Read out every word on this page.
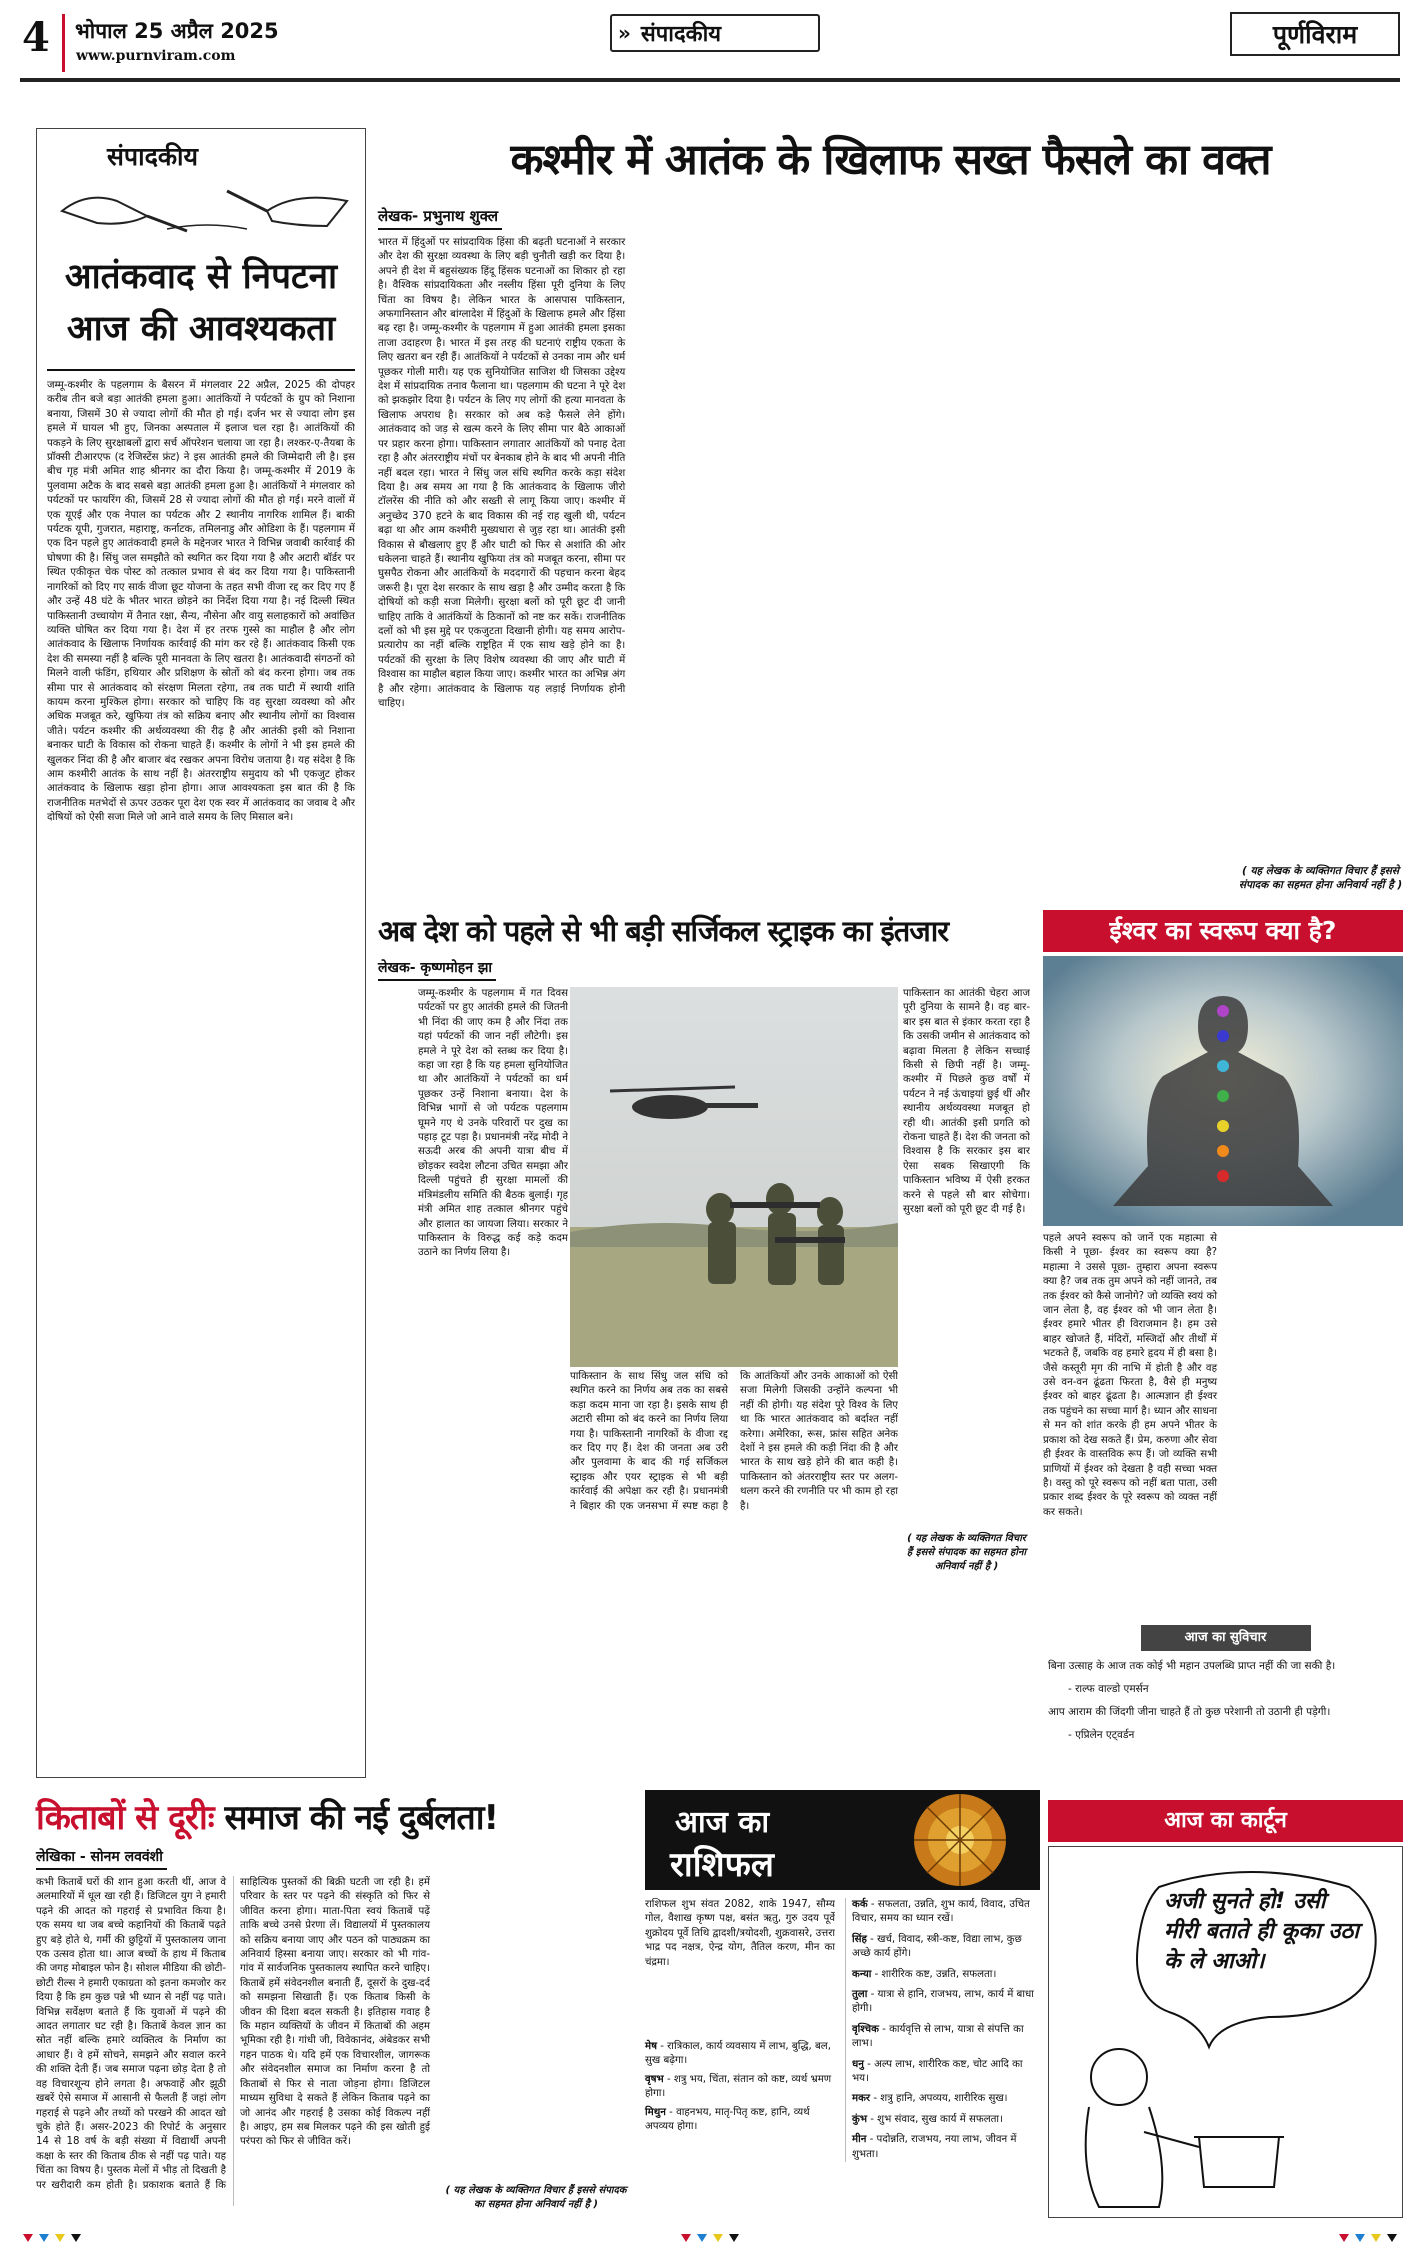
4 भोपाल 25 अप्रैल 2025
www.purnviram.com
» संपादकीय	पूर्णविराम
संपादकीय
आतंकवाद से निपटना आज की आवश्यकता
जम्मू-कश्मीर के पहलगाम के बैसरन में मंगलवार 22 अप्रैल, 2025 की दोपहर करीब तीन बजे बड़ा आतंकी हमला हुआ। आतंकियों ने पर्यटकों के ग्रुप को निशाना बनाया, जिसमें 30 से ज्यादा लोगों की मौत हो गई। दर्जन भर से ज्यादा लोग इस हमले में घायल भी हुए, जिनका अस्पताल में इलाज चल रहा है। आतंकियों की पकड़ने के लिए सुरक्षाबलों द्वारा सर्च ऑपरेशन चलाया जा रहा है। लश्कर-ए-तैयबा के प्रॉक्सी टीआरएफ (द रेजिस्टेंस फ्रंट) ने इस आतंकी हमले की जिम्मेदारी ली है। इस बीच गृह मंत्री अमित शाह श्रीनगर का दौरा किया है। जम्मू-कश्मीर में 2019 के पुलवामा अटैक के बाद सबसे बड़ा आतंकी हमला हुआ है। आतंकियों ने मंगलवार को पर्यटकों पर फायरिंग की, जिसमें 28 से ज्यादा लोगों की मौत हो गई। मरने वालों में एक यूएई और एक नेपाल का पर्यटक और 2 स्थानीय नागरिक शामिल हैं। बाकी पर्यटक यूपी, गुजरात, महाराष्ट्र, कर्नाटक, तमिलनाडु और ओडिशा के हैं। पहलगाम में एक दिन पहले हुए आतंकवादी हमले के मद्देनजर भारत ने विभिन्न जवाबी कार्रवाई की घोषणा की है। सिंधु जल समझौते को स्थगित कर दिया गया है और अटारी बॉर्डर पर स्थित एकीकृत चेक पोस्ट को तत्काल प्रभाव से बंद कर दिया गया है। पाकिस्तानी नागरिकों को दिए गए सार्क वीजा छूट योजना के तहत सभी वीजा रद्द कर दिए गए हैं और उन्हें 48 घंटे के भीतर भारत छोड़ने का निर्देश दिया गया है। नई दिल्ली स्थित पाकिस्तानी उच्चायोग में तैनात रक्षा, सैन्य, नौसेना और वायु सलाहकारों को अवांछित व्यक्ति घोषित कर दिया गया है। देश में हर तरफ गुस्से का माहौल है और लोग आतंकवाद के खिलाफ निर्णायक कार्रवाई की मांग कर रहे हैं। आतंकवाद किसी एक देश की समस्या नहीं है बल्कि पूरी मानवता के लिए खतरा है। आतंकवादी संगठनों को मिलने वाली फंडिंग, हथियार और प्रशिक्षण के स्रोतों को बंद करना होगा। जब तक सीमा पार से आतंकवाद को संरक्षण मिलता रहेगा, तब तक घाटी में स्थायी शांति कायम करना मुश्किल होगा। सरकार को चाहिए कि वह सुरक्षा व्यवस्था को और अधिक मजबूत करे, खुफिया तंत्र को सक्रिय बनाए और स्थानीय लोगों का विश्वास जीते। पर्यटन कश्मीर की अर्थव्यवस्था की रीढ़ है और आतंकी इसी को निशाना बनाकर घाटी के विकास को रोकना चाहते हैं। कश्मीर के लोगों ने भी इस हमले की खुलकर निंदा की है और बाजार बंद रखकर अपना विरोध जताया है। यह संदेश है कि आम कश्मीरी आतंक के साथ नहीं है। अंतरराष्ट्रीय समुदाय को भी एकजुट होकर आतंकवाद के खिलाफ खड़ा होना होगा। आज आवश्यकता इस बात की है कि राजनीतिक मतभेदों से ऊपर उठकर पूरा देश एक स्वर में आतंकवाद का जवाब दे और दोषियों को ऐसी सजा मिले जो आने वाले समय के लिए मिसाल बने।
कश्मीर में आतंक के खिलाफ सख्त फैसले का वक्त
लेखक- प्रभुनाथ शुक्ल
भारत में हिंदुओं पर सांप्रदायिक हिंसा की बढ़ती घटनाओं ने सरकार और देश की सुरक्षा व्यवस्था के लिए बड़ी चुनौती खड़ी कर दिया है। अपने ही देश में बहुसंख्यक हिंदू हिंसक घटनाओं का शिकार हो रहा है। वैश्विक सांप्रदायिकता और नस्लीय हिंसा पूरी दुनिया के लिए चिंता का विषय है। लेकिन भारत के आसपास पाकिस्तान, अफगानिस्तान और बांग्लादेश में हिंदुओं के खिलाफ हमले और हिंसा बढ़ रहा है। जम्मू-कश्मीर के पहलगाम में हुआ आतंकी हमला इसका ताजा उदाहरण है। भारत में इस तरह की घटनाएं राष्ट्रीय एकता के लिए खतरा बन रही हैं। आतंकियों ने पर्यटकों से उनका नाम और धर्म पूछकर गोली मारी। यह एक सुनियोजित साजिश थी जिसका उद्देश्य देश में सांप्रदायिक तनाव फैलाना था। पहलगाम की घटना ने पूरे देश को झकझोर दिया है। पर्यटन के लिए गए लोगों की हत्या मानवता के खिलाफ अपराध है। सरकार को अब कड़े फैसले लेने होंगे। आतंकवाद को जड़ से खत्म करने के लिए सीमा पार बैठे आकाओं पर प्रहार करना होगा। पाकिस्तान लगातार आतंकियों को पनाह देता रहा है और अंतरराष्ट्रीय मंचों पर बेनकाब होने के बाद भी अपनी नीति नहीं बदल रहा। भारत ने सिंधु जल संधि स्थगित करके कड़ा संदेश दिया है। अब समय आ गया है कि आतंकवाद के खिलाफ जीरो टॉलरेंस की नीति को और सख्ती से लागू किया जाए। कश्मीर में अनुच्छेद 370 हटने के बाद विकास की नई राह खुली थी, पर्यटन बढ़ा था और आम कश्मीरी मुख्यधारा से जुड़ रहा था। आतंकी इसी विकास से बौखलाए हुए हैं और घाटी को फिर से अशांति की ओर धकेलना चाहते हैं। स्थानीय खुफिया तंत्र को मजबूत करना, सीमा पर घुसपैठ रोकना और आतंकियों के मददगारों की पहचान करना बेहद जरूरी है। पूरा देश सरकार के साथ खड़ा है और उम्मीद करता है कि दोषियों को कड़ी सजा मिलेगी। सुरक्षा बलों को पूरी छूट दी जानी चाहिए ताकि वे आतंकियों के ठिकानों को नष्ट कर सकें। राजनीतिक दलों को भी इस मुद्दे पर एकजुटता दिखानी होगी। यह समय आरोप-प्रत्यारोप का नहीं बल्कि राष्ट्रहित में एक साथ खड़े होने का है। पर्यटकों की सुरक्षा के लिए विशेष व्यवस्था की जाए और घाटी में विश्वास का माहौल बहाल किया जाए। कश्मीर भारत का अभिन्न अंग है और रहेगा। आतंकवाद के खिलाफ यह लड़ाई निर्णायक होनी चाहिए।
( यह लेखक के व्यक्तिगत विचार हैं इससे संपादक का सहमत होना अनिवार्य नहीं है )
अब देश को पहले से भी बड़ी सर्जिकल स्ट्राइक का इंतजार
लेखक- कृष्णमोहन झा
जम्मू-कश्मीर के पहलगाम में गत दिवस पर्यटकों पर हुए आतंकी हमले की जितनी भी निंदा की जाए कम है और निंदा तक यहां पर्यटकों की जान नहीं लौटेगी। इस हमले ने पूरे देश को स्तब्ध कर दिया है। कहा जा रहा है कि यह हमला सुनियोजित था और आतंकियों ने पर्यटकों का धर्म पूछकर उन्हें निशाना बनाया। देश के विभिन्न भागों से जो पर्यटक पहलगाम घूमने गए थे उनके परिवारों पर दुख का पहाड़ टूट पड़ा है। प्रधानमंत्री नरेंद्र मोदी ने सऊदी अरब की अपनी यात्रा बीच में छोड़कर स्वदेश लौटना उचित समझा और दिल्ली पहुंचते ही सुरक्षा मामलों की मंत्रिमंडलीय समिति की बैठक बुलाई। गृह मंत्री अमित शाह तत्काल श्रीनगर पहुंचे और हालात का जायजा लिया। सरकार ने पाकिस्तान के विरुद्ध कई कड़े कदम उठाने का निर्णय लिया है।
पाकिस्तान के साथ सिंधु जल संधि को स्थगित करने का निर्णय अब तक का सबसे कड़ा कदम माना जा रहा है। इसके साथ ही अटारी सीमा को बंद करने का निर्णय लिया गया है। पाकिस्तानी नागरिकों के वीजा रद्द कर दिए गए हैं। देश की जनता अब उरी और पुलवामा के बाद की गई सर्जिकल स्ट्राइक और एयर स्ट्राइक से भी बड़ी कार्रवाई की अपेक्षा कर रही है। प्रधानमंत्री ने बिहार की एक जनसभा में स्पष्ट कहा है कि आतंकियों और उनके आकाओं को ऐसी सजा मिलेगी जिसकी उन्होंने कल्पना भी नहीं की होगी। यह संदेश पूरे विश्व के लिए था कि भारत आतंकवाद को बर्दाश्त नहीं करेगा। अमेरिका, रूस, फ्रांस सहित अनेक देशों ने इस हमले की कड़ी निंदा की है और भारत के साथ खड़े होने की बात कही है। पाकिस्तान को अंतरराष्ट्रीय स्तर पर अलग-थलग करने की रणनीति पर भी काम हो रहा है।
पाकिस्तान का आतंकी चेहरा आज पूरी दुनिया के सामने है। वह बार-बार इस बात से इंकार करता रहा है कि उसकी जमीन से आतंकवाद को बढ़ावा मिलता है लेकिन सच्चाई किसी से छिपी नहीं है। जम्मू-कश्मीर में पिछले कुछ वर्षों में पर्यटन ने नई ऊंचाइयां छुई थीं और स्थानीय अर्थव्यवस्था मजबूत हो रही थी। आतंकी इसी प्रगति को रोकना चाहते हैं। देश की जनता को विश्वास है कि सरकार इस बार ऐसा सबक सिखाएगी कि पाकिस्तान भविष्य में ऐसी हरकत करने से पहले सौ बार सोचेगा। सुरक्षा बलों को पूरी छूट दी गई है।
( यह लेखक के व्यक्तिगत विचार हैं इससे संपादक का सहमत होना अनिवार्य नहीं है )
ईश्वर का स्वरूप क्या है?
पहले अपने स्वरूप को जानें एक महात्मा से किसी ने पूछा- ईश्वर का स्वरूप क्या है? महात्मा ने उससे पूछा- तुम्हारा अपना स्वरूप क्या है? जब तक तुम अपने को नहीं जानते, तब तक ईश्वर को कैसे जानोगे? जो व्यक्ति स्वयं को जान लेता है, वह ईश्वर को भी जान लेता है। ईश्वर हमारे भीतर ही विराजमान है। हम उसे बाहर खोजते हैं, मंदिरों, मस्जिदों और तीर्थों में भटकते हैं, जबकि वह हमारे हृदय में ही बसा है। जैसे कस्तूरी मृग की नाभि में होती है और वह उसे वन-वन ढूंढता फिरता है, वैसे ही मनुष्य ईश्वर को बाहर ढूंढता है। आत्मज्ञान ही ईश्वर तक पहुंचने का सच्चा मार्ग है। ध्यान और साधना से मन को शांत करके ही हम अपने भीतर के प्रकाश को देख सकते हैं। प्रेम, करुणा और सेवा ही ईश्वर के वास्तविक रूप हैं। जो व्यक्ति सभी प्राणियों में ईश्वर को देखता है वही सच्चा भक्त है। वस्तु को पूरे स्वरूप को नहीं बता पाता, उसी प्रकार शब्द ईश्वर के पूरे स्वरूप को व्यक्त नहीं कर सकते।
आज का सुविचार
बिना उत्साह के आज तक कोई भी महान उपलब्धि प्राप्त नहीं की जा सकी है।
- राल्फ वाल्डो एमर्सन
आप आराम की जिंदगी जीना चाहते हैं तो कुछ परेशानी तो उठानी ही पड़ेगी।
- एप्रिलेन एट्वर्डन
किताबों से दूरीः समाज की नई दुर्बलता!
लेखिका - सोनम लववंशी
कभी किताबें घरों की शान हुआ करती थीं, आज वे अलमारियों में धूल खा रही हैं। डिजिटल युग ने हमारी पढ़ने की आदत को गहराई से प्रभावित किया है। एक समय था जब बच्चे कहानियों की किताबें पढ़ते हुए बड़े होते थे, गर्मी की छुट्टियों में पुस्तकालय जाना एक उत्सव होता था। आज बच्चों के हाथ में किताब की जगह मोबाइल फोन है। सोशल मीडिया की छोटी-छोटी रील्स ने हमारी एकाग्रता को इतना कमजोर कर दिया है कि हम कुछ पन्ने भी ध्यान से नहीं पढ़ पाते। विभिन्न सर्वेक्षण बताते हैं कि युवाओं में पढ़ने की आदत लगातार घट रही है। किताबें केवल ज्ञान का स्रोत नहीं बल्कि हमारे व्यक्तित्व के निर्माण का आधार हैं। वे हमें सोचने, समझने और सवाल करने की शक्ति देती हैं। जब समाज पढ़ना छोड़ देता है तो वह विचारशून्य होने लगता है। अफवाहें और झूठी खबरें ऐसे समाज में आसानी से फैलती हैं जहां लोग गहराई से पढ़ने और तथ्यों को परखने की आदत खो चुके होते हैं। असर-2023 की रिपोर्ट के अनुसार 14 से 18 वर्ष के बड़ी संख्या में विद्यार्थी अपनी कक्षा के स्तर की किताब ठीक से नहीं पढ़ पाते। यह चिंता का विषय है। पुस्तक मेलों में भीड़ तो दिखती है पर खरीदारी कम होती है। प्रकाशक बताते हैं कि साहित्यिक पुस्तकों की बिक्री घटती जा रही है। हमें परिवार के स्तर पर पढ़ने की संस्कृति को फिर से जीवित करना होगा। माता-पिता स्वयं किताबें पढ़ें ताकि बच्चे उनसे प्रेरणा लें। विद्यालयों में पुस्तकालय को सक्रिय बनाया जाए और पठन को पाठ्यक्रम का अनिवार्य हिस्सा बनाया जाए। सरकार को भी गांव-गांव में सार्वजनिक पुस्तकालय स्थापित करने चाहिए। किताबें हमें संवेदनशील बनाती हैं, दूसरों के दुख-दर्द को समझना सिखाती हैं। एक किताब किसी के जीवन की दिशा बदल सकती है। इतिहास गवाह है कि महान व्यक्तियों के जीवन में किताबों की अहम भूमिका रही है। गांधी जी, विवेकानंद, अंबेडकर सभी गहन पाठक थे। यदि हमें एक विचारशील, जागरूक और संवेदनशील समाज का निर्माण करना है तो किताबों से फिर से नाता जोड़ना होगा। डिजिटल माध्यम सुविधा दे सकते हैं लेकिन किताब पढ़ने का जो आनंद और गहराई है उसका कोई विकल्प नहीं है। आइए, हम सब मिलकर पढ़ने की इस खोती हुई परंपरा को फिर से जीवित करें।
( यह लेखक के व्यक्तिगत विचार हैं इससे संपादक का सहमत होना अनिवार्य नहीं है )
आज का
राशिफल
राशिफल शुभ संवत 2082, शाके 1947, सौम्य गोल, वैशाख कृष्ण पक्ष, बसंत ऋतु, गुरु उदय पूर्वे शुक्रोदय पूर्वे तिथि द्वादशी/त्रयोदशी, शुक्रवासरे, उत्तरा भाद्र पद नक्षत्र, ऐन्द्र योग, तैतिल करण, मीन का चंद्रमा।
मेष - रात्रिकाल, कार्य व्यवसाय में लाभ, बुद्धि, बल, सुख बढ़ेगा।
वृषभ - शत्रु भय, चिंता, संतान को कष्ट, व्यर्थ भ्रमण होगा।
मिथुन - वाहनभय, मातृ-पितृ कष्ट, हानि, व्यर्थ अपव्यय होगा।
कर्क - सफलता, उन्नति, शुभ कार्य, विवाद, उचित विचार, समय का ध्यान रखें।
सिंह - खर्च, विवाद, स्त्री-कष्ट, विद्या लाभ, कुछ अच्छे कार्य होंगे।
कन्या - शारीरिक कष्ट, उन्नति, सफलता।
तुला - यात्रा से हानि, राजभय, लाभ, कार्य में बाधा होगी।
वृश्चिक - कार्यवृत्ति से लाभ, यात्रा से संपत्ति का लाभ।
धनु - अल्प लाभ, शारीरिक कष्ट, चोट आदि का भय।
मकर - शत्रु हानि, अपव्यय, शारीरिक सुख।
कुंभ - शुभ संवाद, सुख कार्य में सफलता।
मीन - पदोन्नति, राजभय, नया लाभ, जीवन में शुभता।
आज का कार्टून
अजी सुनते हो! उसी मीरी बताते ही कूका उठा के ले आओ।
